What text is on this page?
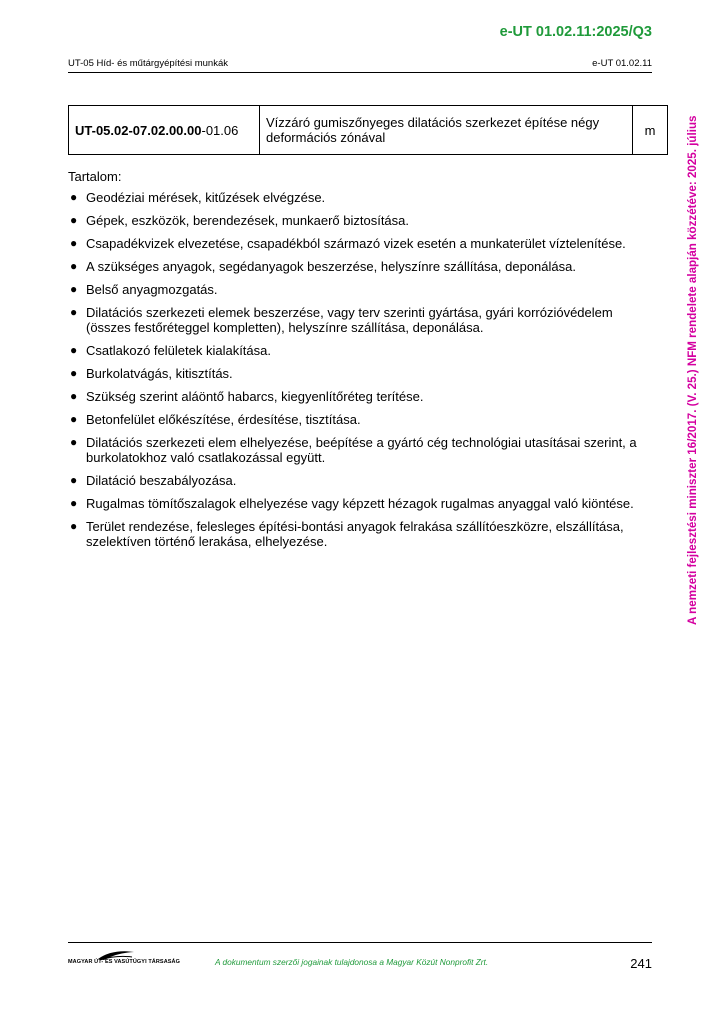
e-UT 01.02.11:2025/Q3
UT-05 Híd- és műtárgyépítési munkák	e-UT 01.02.11
UT-05.02-07.02.00.00-01.06	Vízzáró gumiszőnyeges dilatációs szerkezet építése négy deformációs zónával	m
Tartalom:
● Geodéziai mérések, kitűzések elvégzése.
● Gépek, eszközök, berendezések, munkaerő biztosítása.
● Csapadékvizek elvezetése, csapadékból származó vizek esetén a munkaterület víztelenítése.
● A szükséges anyagok, segédanyagok beszerzése, helyszínre szállítása, deponálása.
● Belső anyagmozgatás.
● Dilatációs szerkezeti elemek beszerzése, vagy terv szerinti gyártása, gyári korrózióvédelem (összes festőréteggel kompletten), helyszínre szállítása, deponálása.
● Csatlakozó felületek kialakítása.
● Burkolatvágás, kitisztítás.
● Szükség szerint aláöntő habarcs, kiegyenlítőréteg terítése.
● Betonfelület előkészítése, érdesítése, tisztítása.
● Dilatációs szerkezeti elem elhelyezése, beépítése a gyártó cég technológiai utasításai szerint, a burkolatokhoz való csatlakozással együtt.
● Dilatáció beszabályozása.
● Rugalmas tömítőszalagok elhelyezése vagy képzett hézagok rugalmas anyaggal való kiöntése.
● Terület rendezése, felesleges építési-bontási anyagok felrakása szállítóeszközre, elszállítása, szelektíven történő lerakása, elhelyezése.	A nemzeti fejlesztési miniszter 16/2017. (V. 25.) NFM rendelete alapján közzétéve: 2025. július
MAGYAR ÚT- ÉS VASÚTÜGYI TÁRSASÁG	A dokumentum szerzői jogainak tulajdonosa a Magyar Közút Nonprofit Zrt.	241
